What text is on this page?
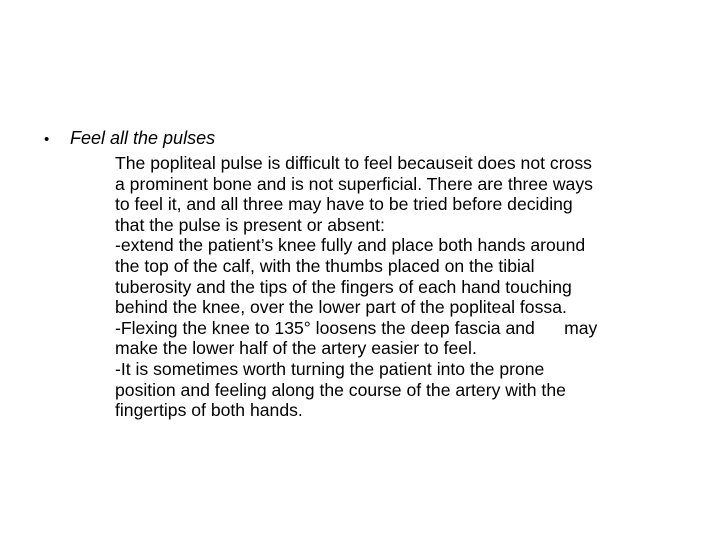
•	Feel all the pulses
The popliteal pulse is difficult to feel becauseit does not cross
a prominent bone and is not superficial. There are three ways
to feel it, and all three may have to be tried before deciding
that the pulse is present or absent:
-extend the patient’s knee fully and place both hands around
the top of the calf, with the thumbs placed on the tibial
tuberosity and the tips of the fingers of each hand touching
behind the knee, over the lower part of the popliteal fossa.
-Flexing the knee to 135° loosens the deep fascia and      may
make the lower half of the artery easier to feel.
-It is sometimes worth turning the patient into the prone
position and feeling along the course of the artery with the
fingertips of both hands.
